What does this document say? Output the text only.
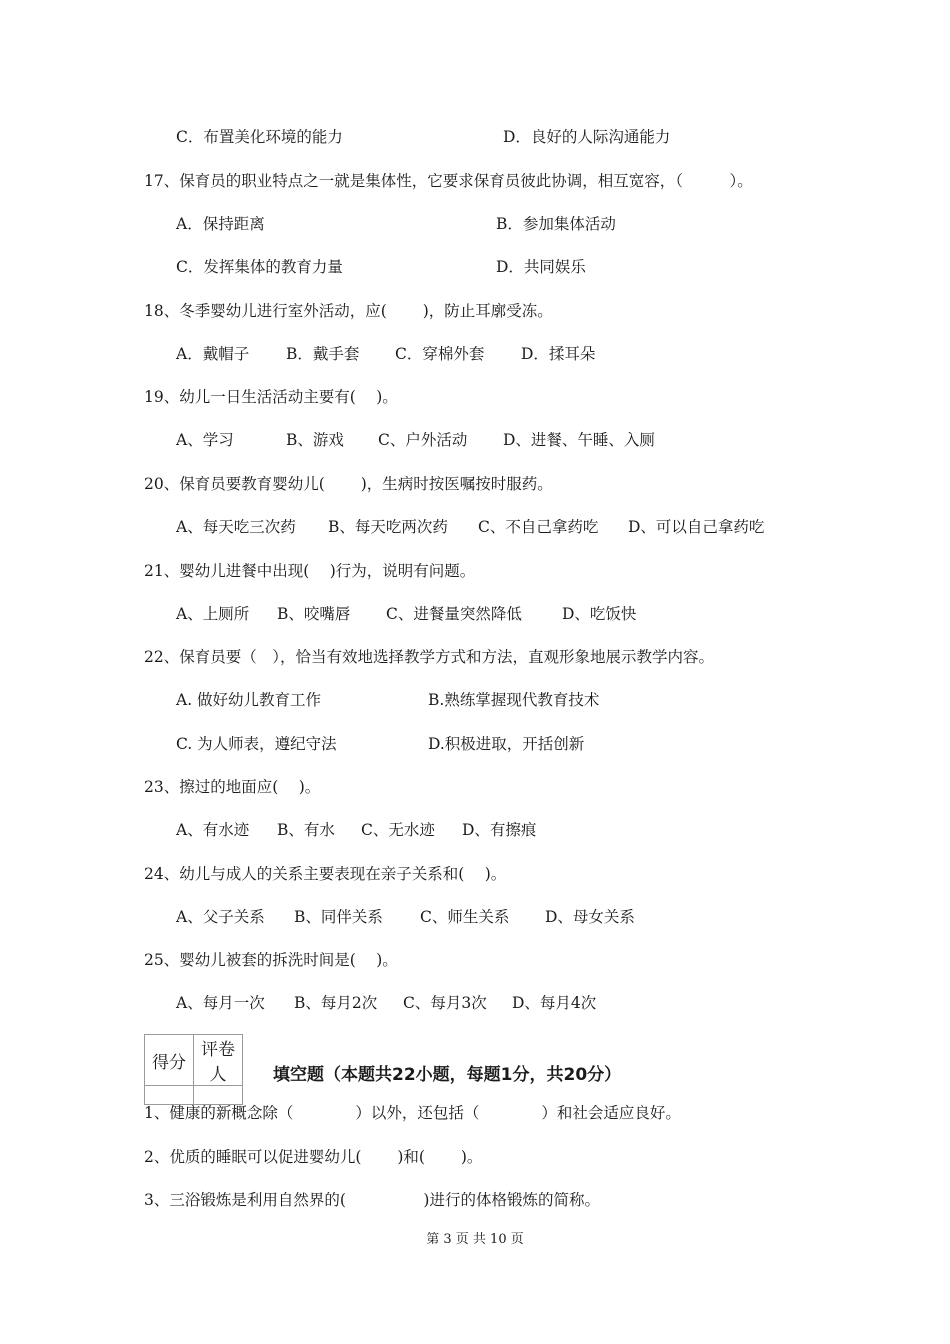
C．布置美化环境的能力	D．良好的人际沟通能力
17、保育员的职业特点之一就是集体性，它要求保育员彼此协调，相互宽容，（　　　）。
A．保持距离	B．参加集体活动
C．发挥集体的教育力量	D．共同娱乐
18、冬季婴幼儿进行室外活动，应(　　 )，防止耳廓受冻。
A．戴帽子 B．戴手套 C．穿棉外套 D．揉耳朵
19、幼儿一日生活活动主要有(　 )。
A、学习	B、游戏 C、户外活动 D、进餐、午睡、入厕
20、保育员要教育婴幼儿(　　 )，生病时按医嘱按时服药。
A、每天吃三次药 B、每天吃两次药 C、不自己拿药吃 D、可以自己拿药吃
21、婴幼儿进餐中出现(　 )行为，说明有问题。
A、上厕所 B、咬嘴唇 C、进餐量突然降低	D、吃饭快
22、保育员要（　），恰当有效地选择教学方式和方法，直观形象地展示教学内容。
A. 做好幼儿教育工作	B.熟练掌握现代教育技术
C. 为人师表，遵纪守法	D.积极进取，开括创新
23、擦过的地面应(　 )。
A、有水迹 B、有水 C、无水迹 D、有擦痕
24、幼儿与成人的关系主要表现在亲子关系和(　 )。
A、父子关系 B、同伴关系 C、师生关系 D、母女关系
25、婴幼儿被套的拆洗时间是(　 )。
A、每月一次 B、每月2次 C、每月3次 D、每月4次
得分	评卷人
		填空题（本题共22小题，每题1分，共20分）
1、健康的新概念除（　　　　）以外，还包括（　　　　）和社会适应良好。
2、优质的睡眠可以促进婴幼儿(　　 )和(　　 )。
3、三浴锻炼是利用自然界的(　　　　　)进行的体格锻炼的简称。
第 3 页 共 10 页
